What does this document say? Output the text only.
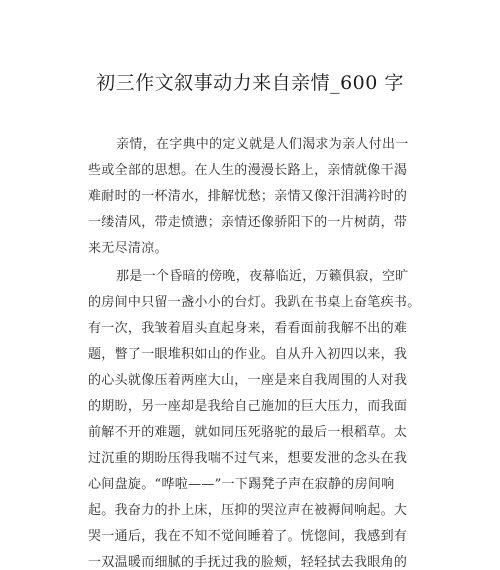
初三作文叙事动力来自亲情_600 字
亲情，在字典中的定义就是人们渴求为亲人付出一
些或全部的思想。在人生的漫漫长路上，亲情就像干渴
难耐时的一杯清水，排解忧愁；亲情又像汗泪满衿时的
一缕清风，带走愤懑；亲情还像骄阳下的一片树荫，带
来无尽清凉。
那是一个昏暗的傍晚，夜幕临近，万籁俱寂，空旷
的房间中只留一盏小小的台灯。我趴在书桌上奋笔疾书。
有一次，我皱着眉头直起身来，看看面前我解不出的难
题，瞥了一眼堆积如山的作业。自从升入初四以来，我
的心头就像压着两座大山，一座是来自我周围的人对我
的期盼，另一座却是我给自己施加的巨大压力，而我面
前解不开的难题，就如同压死骆驼的最后一根稻草。太
过沉重的期盼压得我喘不过气来，想要发泄的念头在我
心间盘旋。“哗啦——”一下踢凳子声在寂静的房间响
起。我奋力的扑上床，压抑的哭泣声在被褥间响起。大
哭一通后，我在不知不觉间睡着了。恍惚间，我感到有
一双温暖而细腻的手抚过我的脸颊，轻轻拭去我眼角的
